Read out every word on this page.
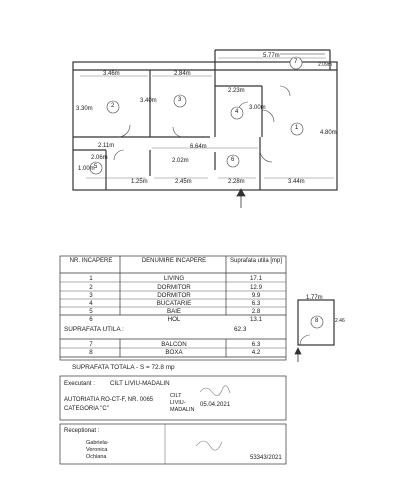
3.46m	2.84m
5.77m
2.09m
3.30m
3.40m
2.23m
3.00m
4.80m
2.11m	6.64m
2.06m
1.00m
1.25m	2.45m
2.02m
2.28m	3.44m
1.77m
2.46
1
2
3
4
5
6
7
8
NR. INCAPERE	DENUMIRE INCAPERE	Suprafata utila [mp]
1	LIVING	17.1
2	DORMITOR	12.9
3	DORMITOR	9.9
4	BUCATARIE	6.3
5	BAIE	2.8
6	HOL	13.1
SUPRAFATA UTILA :	62.3
7	BALCON	6.3
8	BOXA	4.2
SUPRAFATA TOTALA - S = 72.8 mp
Executant : CILT LIVIU-MADALIN
AUTORIATIA RO-CT-F, NR. 0065
CATEGORIA "C"
CILT
LIVIU-
MADALIN
05.04.2021
Receptionat :
Gabriela-
Veronica
Ochiana	53343/2021
